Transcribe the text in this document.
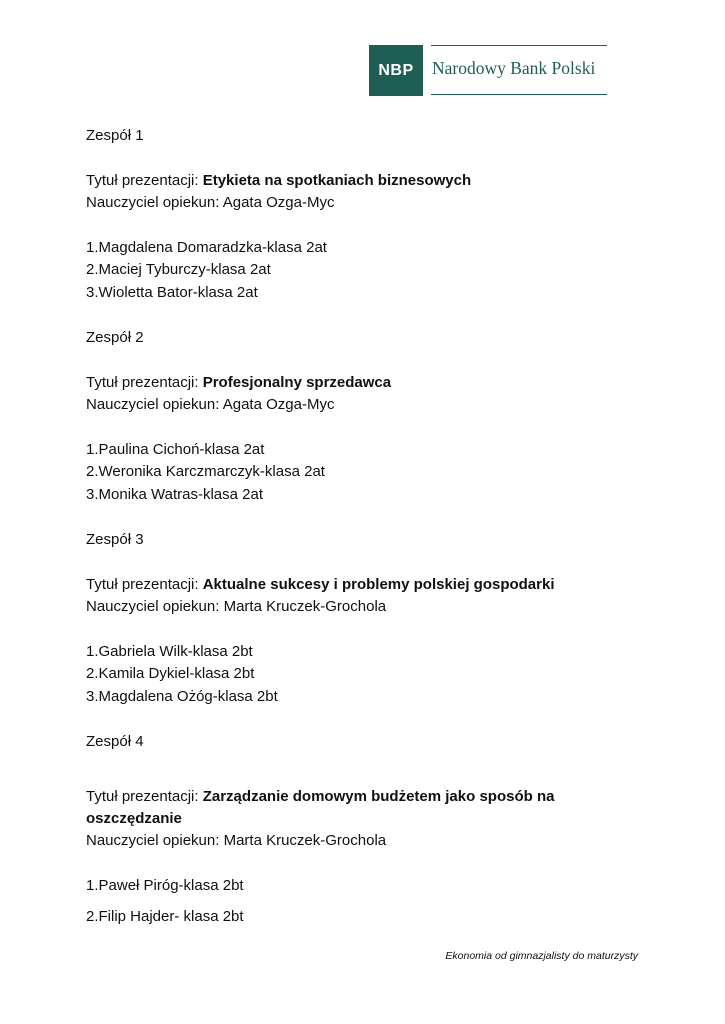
NBP	Narodowy Bank Polski
Zespół 1
Tytuł prezentacji: Etykieta na spotkaniach biznesowych
Nauczyciel opiekun: Agata Ozga-Myc
1.Magdalena Domaradzka-klasa 2at
2.Maciej Tyburczy-klasa 2at
3.Wioletta Bator-klasa 2at
Zespół 2
Tytuł prezentacji: Profesjonalny sprzedawca
Nauczyciel opiekun: Agata Ozga-Myc
1.Paulina Cichoń-klasa 2at
2.Weronika Karczmarczyk-klasa 2at
3.Monika Watras-klasa 2at
Zespół 3
Tytuł prezentacji: Aktualne sukcesy i problemy polskiej gospodarki
Nauczyciel opiekun: Marta Kruczek-Grochola
1.Gabriela Wilk-klasa 2bt
2.Kamila Dykiel-klasa 2bt
3.Magdalena Ożóg-klasa 2bt
Zespół 4
Tytuł prezentacji: Zarządzanie domowym budżetem jako sposób na
oszczędzanie
Nauczyciel opiekun: Marta Kruczek-Grochola
1.Paweł Piróg-klasa 2bt
2.Filip Hajder- klasa 2bt
Ekonomia od gimnazjalisty do maturzysty
